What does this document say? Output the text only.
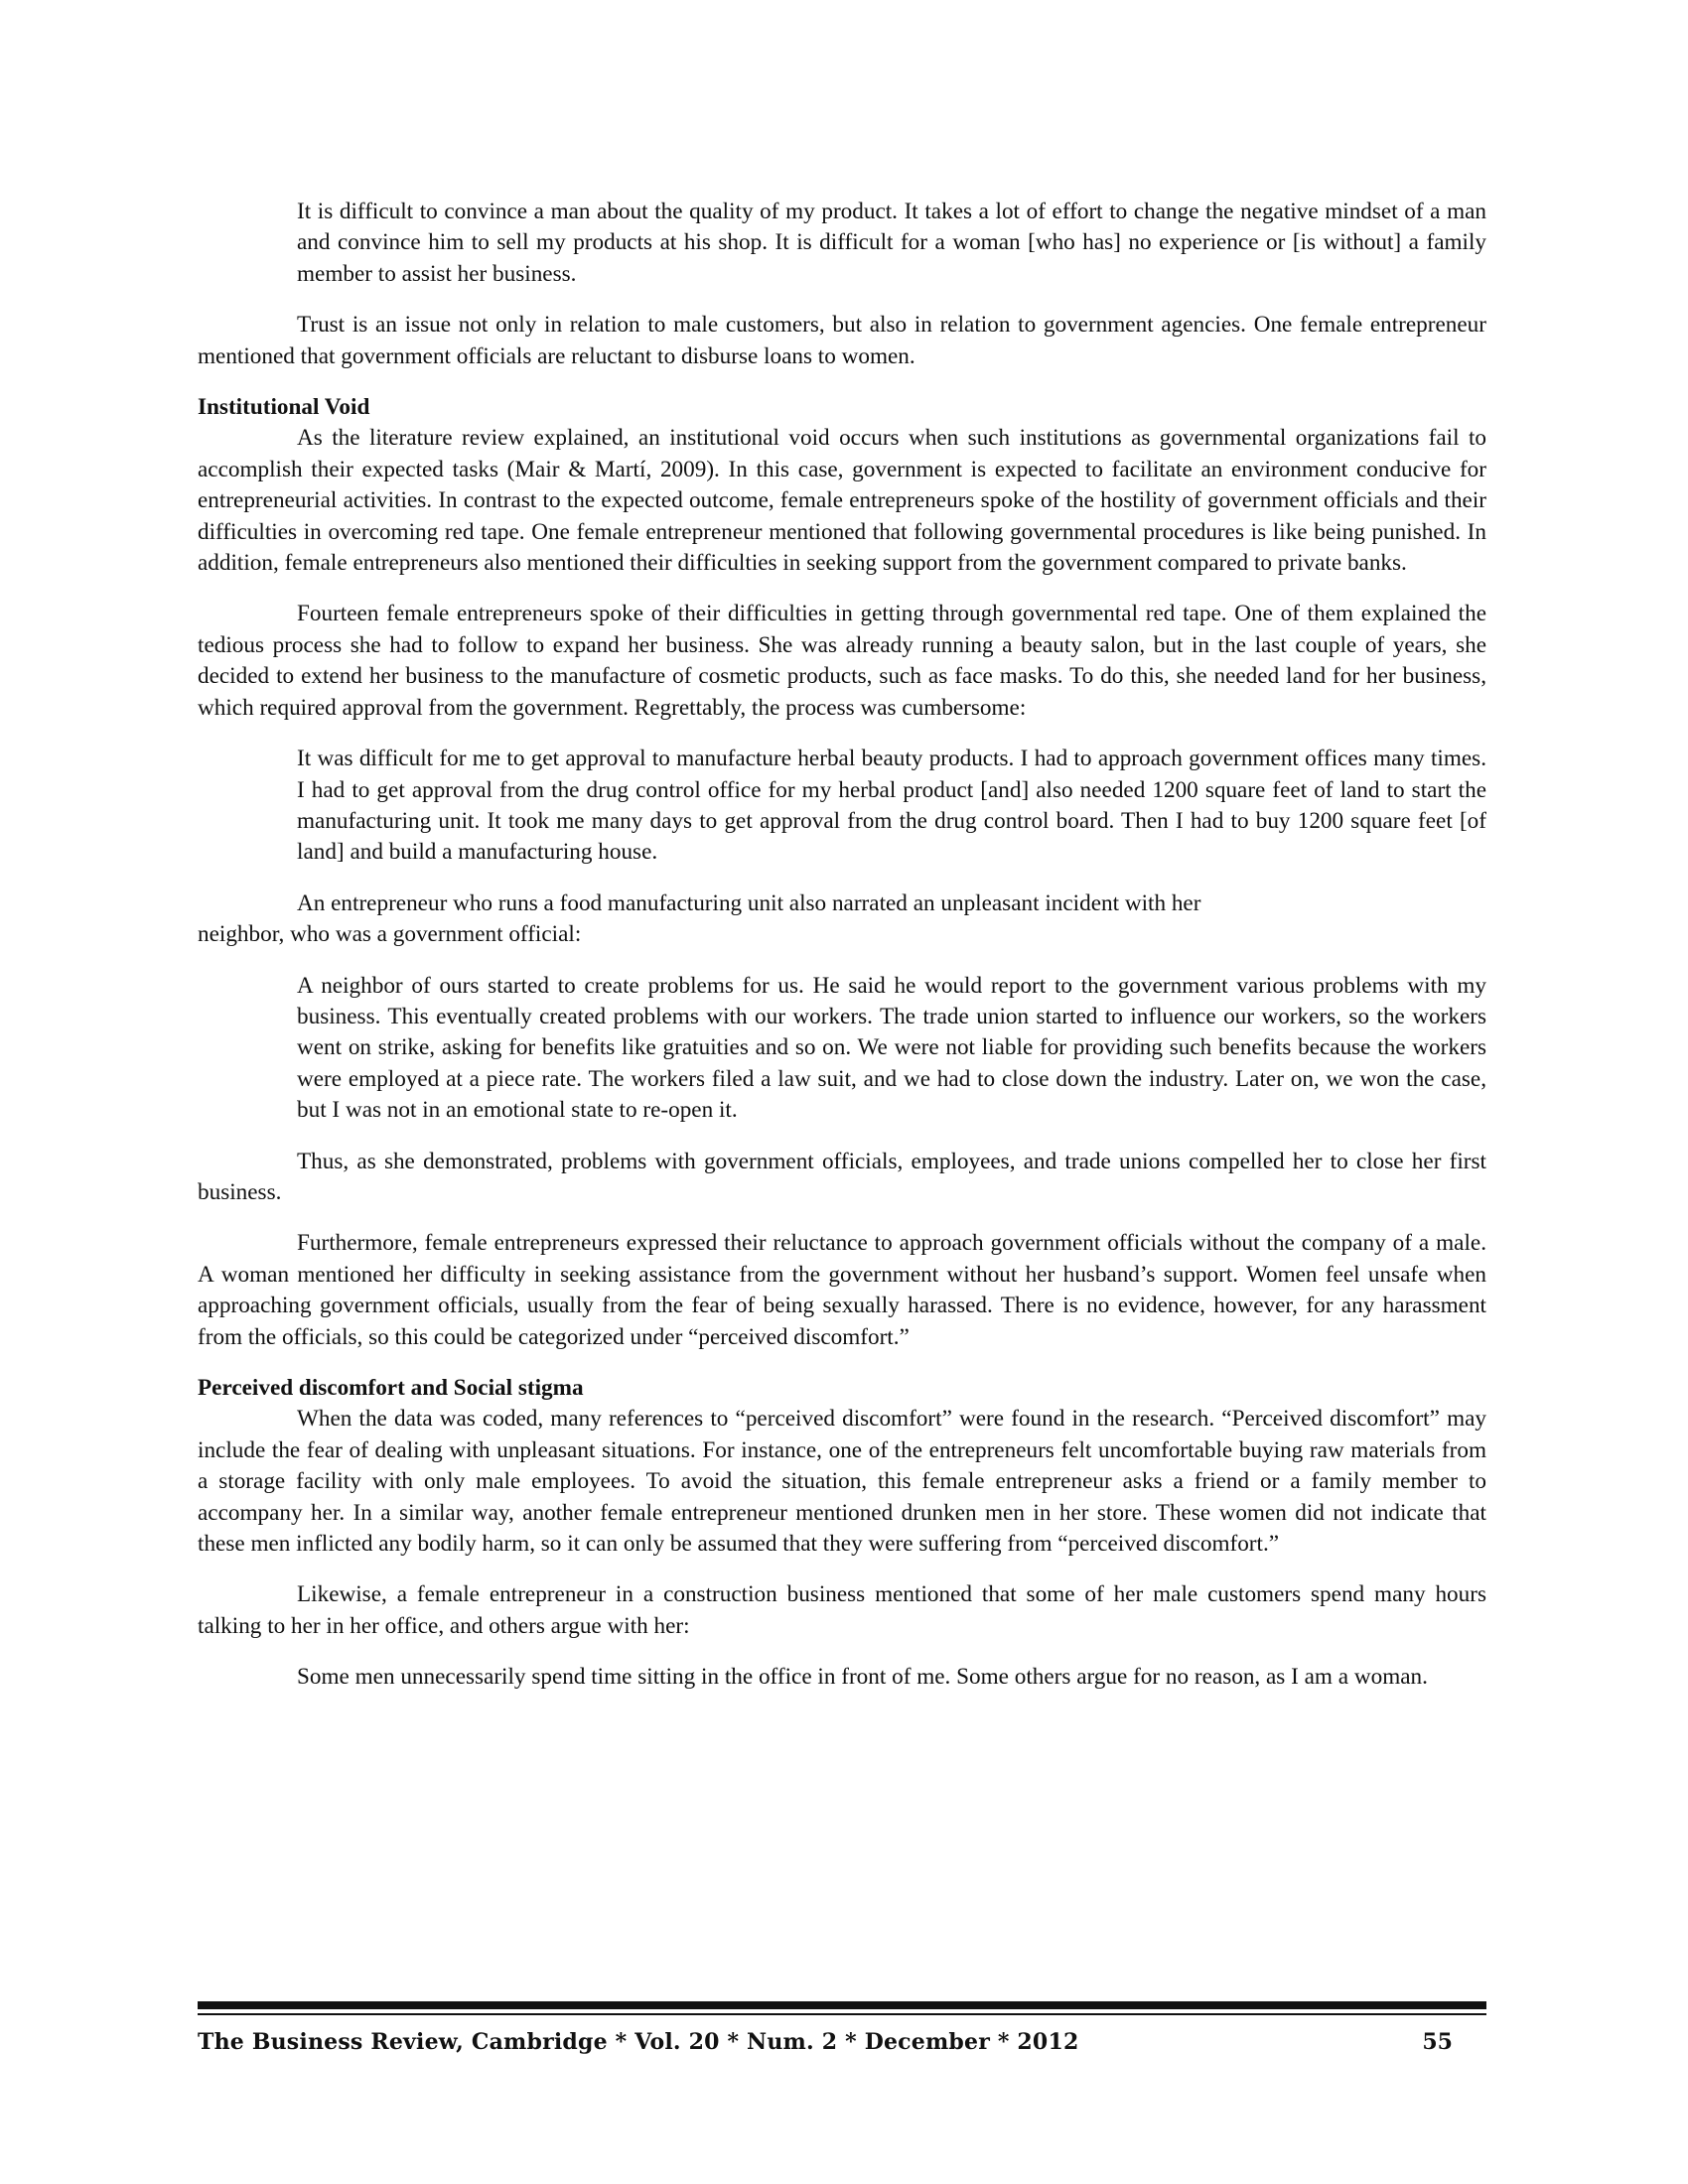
It is difficult to convince a man about the quality of my product. It takes a lot of effort to change the negative mindset of a man and convince him to sell my products at his shop. It is difficult for a woman [who has] no experience or [is without] a family member to assist her business.

Trust is an issue not only in relation to male customers, but also in relation to government agencies. One female entrepreneur mentioned that government officials are reluctant to disburse loans to women.

Institutional Void

As the literature review explained, an institutional void occurs when such institutions as governmental organizations fail to accomplish their expected tasks (Mair & Martí, 2009). In this case, government is expected to facilitate an environment conducive for entrepreneurial activities. In contrast to the expected outcome, female entrepreneurs spoke of the hostility of government officials and their difficulties in overcoming red tape. One female entrepreneur mentioned that following governmental procedures is like being punished. In addition, female entrepreneurs also mentioned their difficulties in seeking support from the government compared to private banks.

Fourteen female entrepreneurs spoke of their difficulties in getting through governmental red tape. One of them explained the tedious process she had to follow to expand her business. She was already running a beauty salon, but in the last couple of years, she decided to extend her business to the manufacture of cosmetic products, such as face masks. To do this, she needed land for her business, which required approval from the government. Regrettably, the process was cumbersome:

It was difficult for me to get approval to manufacture herbal beauty products. I had to approach government offices many times. I had to get approval from the drug control office for my herbal product [and] also needed 1200 square feet of land to start the manufacturing unit. It took me many days to get approval from the drug control board. Then I had to buy 1200 square feet [of land] and build a manufacturing house.

An entrepreneur who runs a food manufacturing unit also narrated an unpleasant incident with her

neighbor, who was a government official:

A neighbor of ours started to create problems for us. He said he would report to the government various problems with my business. This eventually created problems with our workers. The trade union started to influence our workers, so the workers went on strike, asking for benefits like gratuities and so on. We were not liable for providing such benefits because the workers were employed at a piece rate. The workers filed a law suit, and we had to close down the industry. Later on, we won the case, but I was not in an emotional state to re-open it.

Thus, as she demonstrated, problems with government officials, employees, and trade unions compelled her to close her first business.

Furthermore, female entrepreneurs expressed their reluctance to approach government officials without the company of a male. A woman mentioned her difficulty in seeking assistance from the government without her husband’s support. Women feel unsafe when approaching government officials, usually from the fear of being sexually harassed. There is no evidence, however, for any harassment from the officials, so this could be categorized under “perceived discomfort.”

Perceived discomfort and Social stigma

When the data was coded, many references to “perceived discomfort” were found in the research. “Perceived discomfort” may include the fear of dealing with unpleasant situations. For instance, one of the entrepreneurs felt uncomfortable buying raw materials from a storage facility with only male employees. To avoid the situation, this female entrepreneur asks a friend or a family member to accompany her. In a similar way, another female entrepreneur mentioned drunken men in her store. These women did not indicate that these men inflicted any bodily harm, so it can only be assumed that they were suffering from “perceived discomfort.”

Likewise, a female entrepreneur in a construction business mentioned that some of her male customers spend many hours talking to her in her office, and others argue with her:

Some men unnecessarily spend time sitting in the office in front of me. Some others argue for no reason, as I am a woman.

The Business Review, Cambridge * Vol. 20 * Num. 2 * December * 2012	55
